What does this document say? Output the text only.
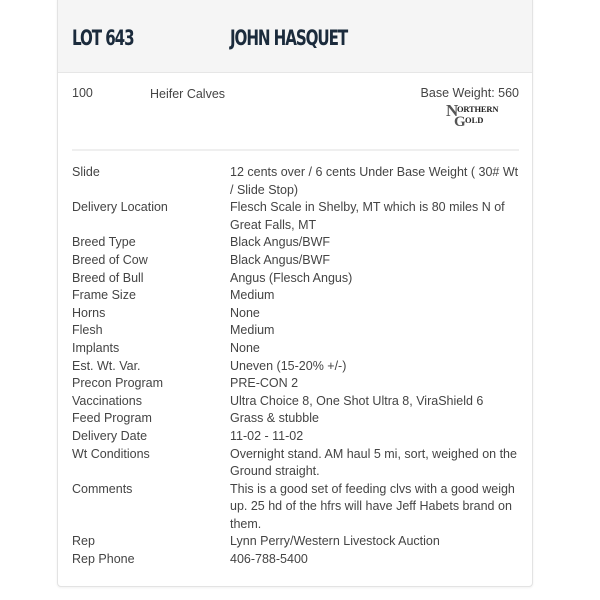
LOT 643	JOHN HASQUET
100	Heifer Calves	Base Weight: 560
N
ORTHERN
G OLD
Slide	12 cents over / 6 cents Under Base Weight ( 30# Wt / Slide Stop)
Delivery Location	Flesch Scale in Shelby, MT which is 80 miles N of Great Falls, MT
Breed Type	Black Angus/BWF
Breed of Cow	Black Angus/BWF
Breed of Bull	Angus (Flesch Angus)
Frame Size	Medium
Horns	None
Flesh	Medium
Implants	None
Est. Wt. Var.	Uneven (15-20% +/-)
Precon Program	PRE-CON 2
Vaccinations	Ultra Choice 8, One Shot Ultra 8, ViraShield 6
Feed Program	Grass & stubble
Delivery Date	11-02 - 11-02
Wt Conditions	Overnight stand. AM haul 5 mi, sort, weighed on the Ground straight.
Comments	This is a good set of feeding clvs with a good weigh up. 25 hd of the hfrs will have Jeff Habets brand on them.
Rep	Lynn Perry/Western Livestock Auction
Rep Phone	406-788-5400
